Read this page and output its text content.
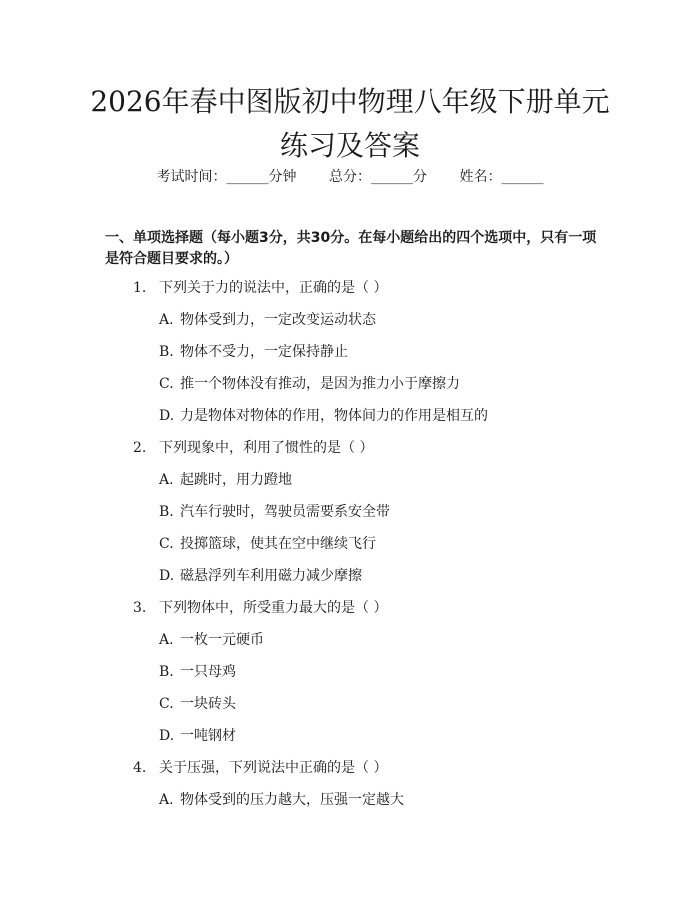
2026年春中图版初中物理八年级下册单元练习及答案
考试时间：______分钟 总分：______分 姓名：______

一、单项选择题（每小题3分，共30分。在每小题给出的四个选项中，只有一项是符合题目要求的。）

1. 下列关于力的说法中，正确的是（ ）
A. 物体受到力，一定改变运动状态
B. 物体不受力，一定保持静止
C. 推一个物体没有推动，是因为推力小于摩擦力
D. 力是物体对物体的作用，物体间力的作用是相互的
2. 下列现象中，利用了惯性的是（ ）
A. 起跳时，用力蹬地
B. 汽车行驶时，驾驶员需要系安全带
C. 投掷篮球，使其在空中继续飞行
D. 磁悬浮列车利用磁力减少摩擦
3. 下列物体中，所受重力最大的是（ ）
A. 一枚一元硬币
B. 一只母鸡
C. 一块砖头
D. 一吨钢材
4. 关于压强，下列说法中正确的是（ ）
A. 物体受到的压力越大，压强一定越大
